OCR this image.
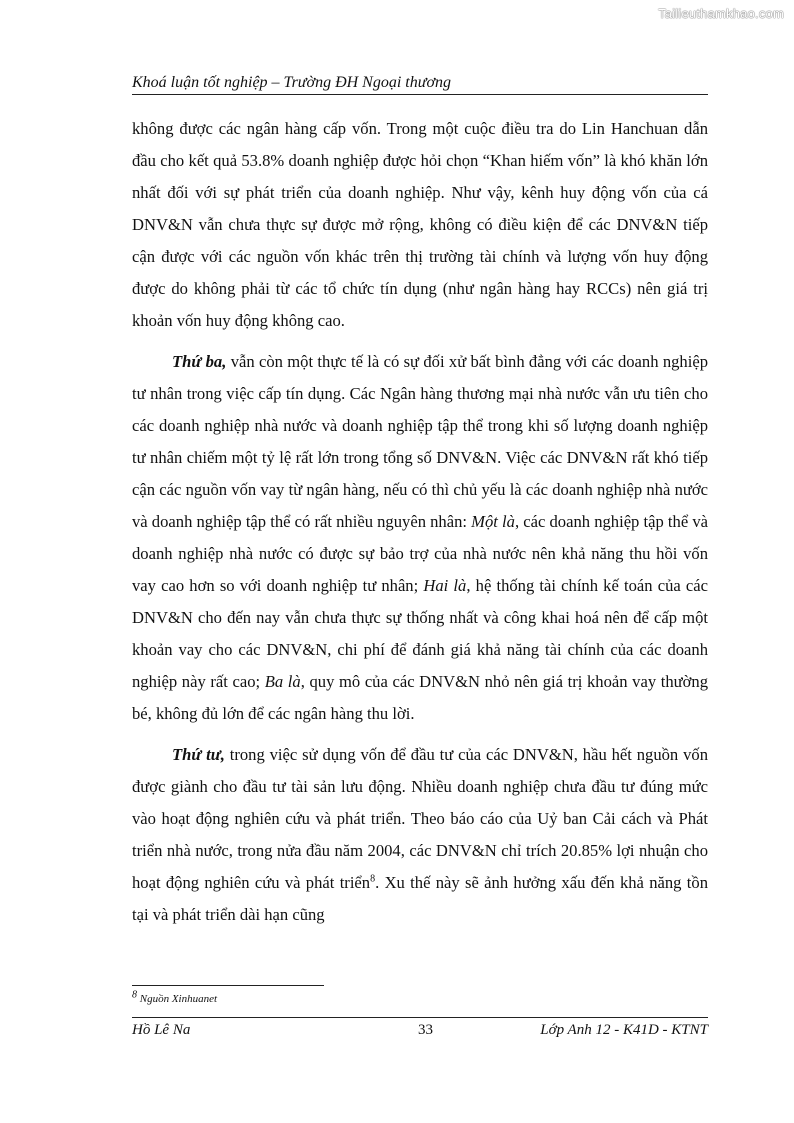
Tailieuthamkhao.com
Khoá luận tốt nghiệp – Trường ĐH Ngoại thương

không được các ngân hàng cấp vốn. Trong một cuộc điều tra do Lin Hanchuan dẫn đầu cho kết quả 53.8% doanh nghiệp được hỏi chọn “Khan hiếm vốn” là khó khăn lớn nhất đối với sự phát triển của doanh nghiệp. Như vậy, kênh huy động vốn của cá DNV&N vẫn chưa thực sự được mở rộng, không có điều kiện để các DNV&N tiếp cận được với các nguồn vốn khác trên thị trường tài chính và lượng vốn huy động được do không phải từ các tổ chức tín dụng (như ngân hàng hay RCCs) nên giá trị khoản vốn huy động không cao.

Thứ ba, vẫn còn một thực tế là có sự đối xử bất bình đẳng với các doanh nghiệp tư nhân trong việc cấp tín dụng. Các Ngân hàng thương mại nhà nước vẫn ưu tiên cho các doanh nghiệp nhà nước và doanh nghiệp tập thể trong khi số lượng doanh nghiệp tư nhân chiếm một tỷ lệ rất lớn trong tổng số DNV&N. Việc các DNV&N rất khó tiếp cận các nguồn vốn vay từ ngân hàng, nếu có thì chủ yếu là các doanh nghiệp nhà nước và doanh nghiệp tập thể có rất nhiều nguyên nhân: Một là, các doanh nghiệp tập thể và doanh nghiệp nhà nước có được sự bảo trợ của nhà nước nên khả năng thu hồi vốn vay cao hơn so với doanh nghiệp tư nhân; Hai là, hệ thống tài chính kế toán của các DNV&N cho đến nay vẫn chưa thực sự thống nhất và công khai hoá nên để cấp một khoản vay cho các DNV&N, chi phí để đánh giá khả năng tài chính của các doanh nghiệp này rất cao; Ba là, quy mô của các DNV&N nhỏ nên giá trị khoản vay thường bé, không đủ lớn để các ngân hàng thu lời.

Thứ tư, trong việc sử dụng vốn để đầu tư của các DNV&N, hầu hết nguồn vốn được giành cho đầu tư tài sản lưu động. Nhiều doanh nghiệp chưa đầu tư đúng mức vào hoạt động nghiên cứu và phát triển. Theo báo cáo của Uỷ ban Cải cách và Phát triển nhà nước, trong nửa đầu năm 2004, các DNV&N chỉ trích 20.85% lợi nhuận cho hoạt động nghiên cứu và phát triển$^8$. Xu thế này sẽ ảnh hưởng xấu đến khả năng tồn tại và phát triển dài hạn cũng

$^8$ Nguồn Xinhuanet
Hồ Lê Na	33	Lớp Anh 12 - K41D - KTNT
